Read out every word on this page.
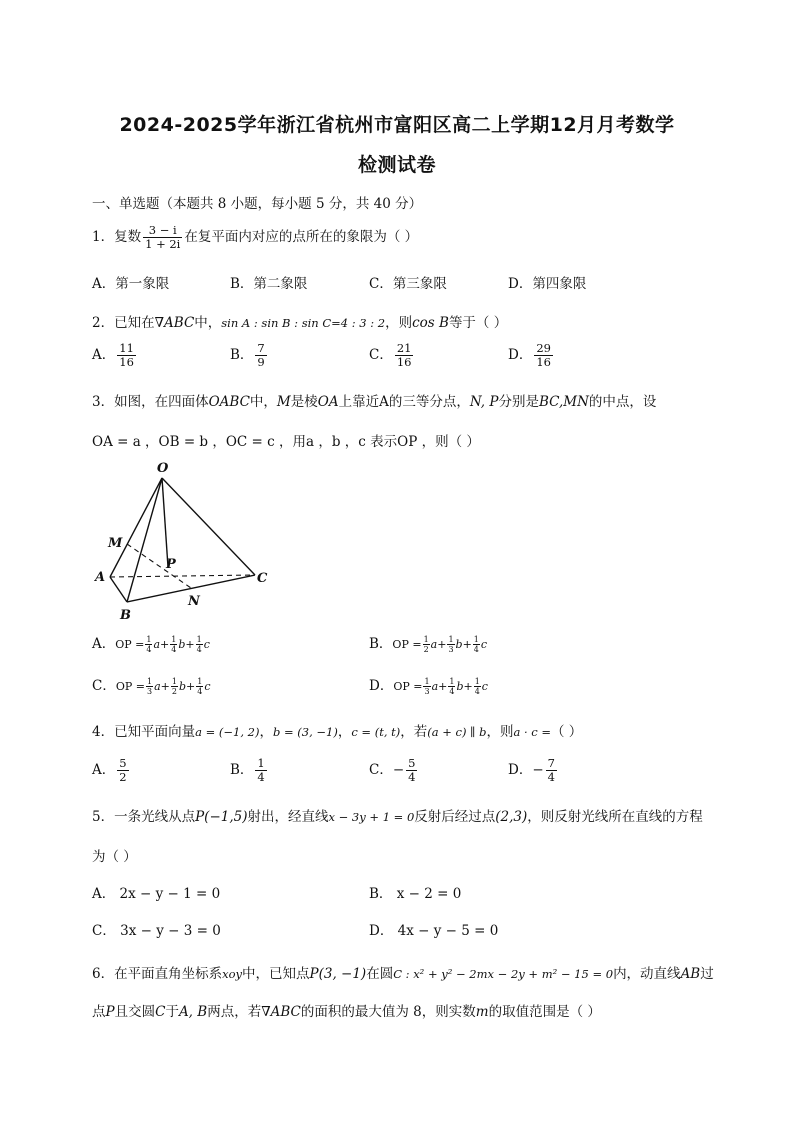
2024-2025学年浙江省杭州市富阳区高二上学期12月月考数学
检测试卷
一、单选题（本题共 8 小题，每小题 5 分，共 40 分）
1．复数 $\frac{3 - i}{1 + 2i}$ 在复平面内对应的点所在的象限为（ ）
A．第一象限	B．第二象限	C．第三象限	D．第四象限
2．已知在∇ABC中，sin A : sin B : sin C=4 : 3 : 2，则cos B等于（ ）
A． $\frac{11}{16}$	B． $\frac{7}{9}$	C． $\frac{21}{16}$	D． $\frac{29}{16}$
3．如图，在四面体OABC中，M是棱OA上靠近A的三等分点，N, P分别是BC,MN的中点，设
OA = a ，OB = b ，OC = c ，用a ，b ，c 表示OP ，则（ ）
O
M
P
A	C
N
B
A．OP = $\frac{1}{4} a+ \frac{1}{4} b+ \frac{1}{4}$ c	B．OP = $\frac{1}{2} a+ \frac{1}{3} b+ \frac{1}{4}$ c
C．OP = $\frac{1}{3} a+ \frac{1}{2} b+ \frac{1}{4}$ c	D．OP = $\frac{1}{3} a+ \frac{1}{4} b+ \frac{1}{4}$ c
4．已知平面向量a = (−1, 2)，b = (3, −1)，c = (t, t)，若(a + c) ∥ b，则a · c =（ ）
A． $\frac{5}{2}$	B． $\frac{1}{4}$	C．− $\frac{5}{4}$	D．− $\frac{7}{4}$
5．一条光线从点P(−1,5)射出，经直线x − 3y + 1 = 0反射后经过点(2,3)，则反射光线所在直线的方程
为（ ）
A． 2x − y − 1 = 0	B． x − 2 = 0
C． 3x − y − 3 = 0	D． 4x − y − 5 = 0
6．在平面直角坐标系xoy中，已知点P(3, −1)在圆C : x² + y² − 2mx − 2y + m² − 15 = 0内，动直线AB过
点P且交圆C于A, B两点，若∇ABC的面积的最大值为 8，则实数m的取值范围是（ ）
